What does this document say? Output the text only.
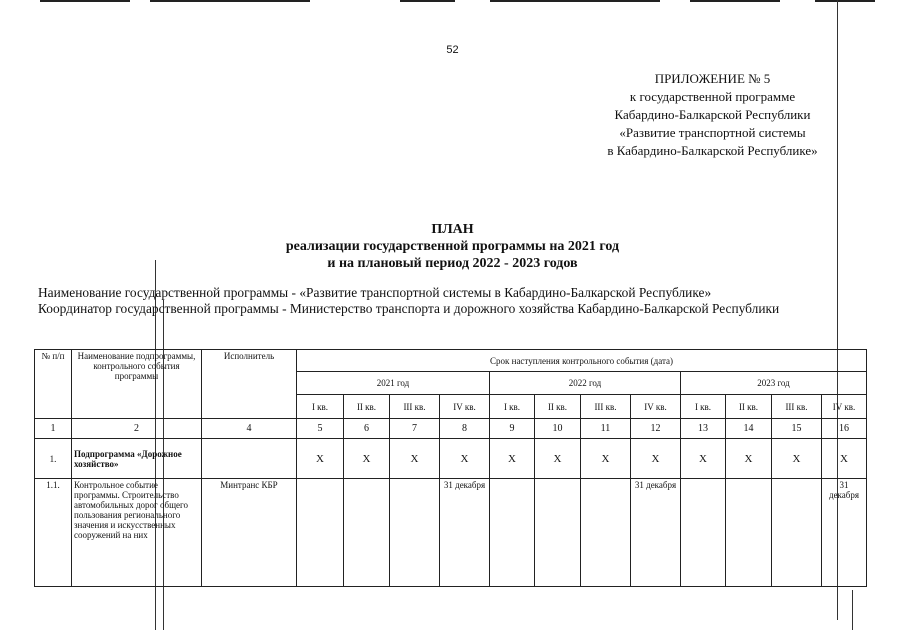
52
ПРИЛОЖЕНИЕ № 5
к государственной программе
Кабардино-Балкарской Республики
«Развитие транспортной системы
в Кабардино-Балкарской Республике»
ПЛАН
реализации государственной программы на 2021 год
и на плановый период 2022 - 2023 годов
Наименование государственной программы - «Развитие транспортной системы в Кабардино-Балкарской Республике»
Координатор государственной программы - Министерство транспорта и дорожного хозяйства Кабардино-Балкарской Республики
№ п/п	Наименование подпрограммы, контрольного события программы	Исполнитель	Срок наступления контрольного события (дата)											
			2021 год				2022 год				2023 год			
			I кв.	II кв.	III кв.	IV кв.	I кв.	II кв.	III кв.	IV кв.	I кв.	II кв.	III кв.	IV кв.
1	2	4	5	6	7	8	9	10	11	12	13	14	15	16
1.	Подпрограмма «Дорожное хозяйство»		Х	Х	Х	Х	Х	Х	Х	Х	Х	Х	Х	Х
1.1.	Контрольное событие программы. Строительство автомобильных дорог общего пользования регионального значения и искусственных сооружений на них	Минтранс КБР				31 декабря				31 декабря				31 декабря
